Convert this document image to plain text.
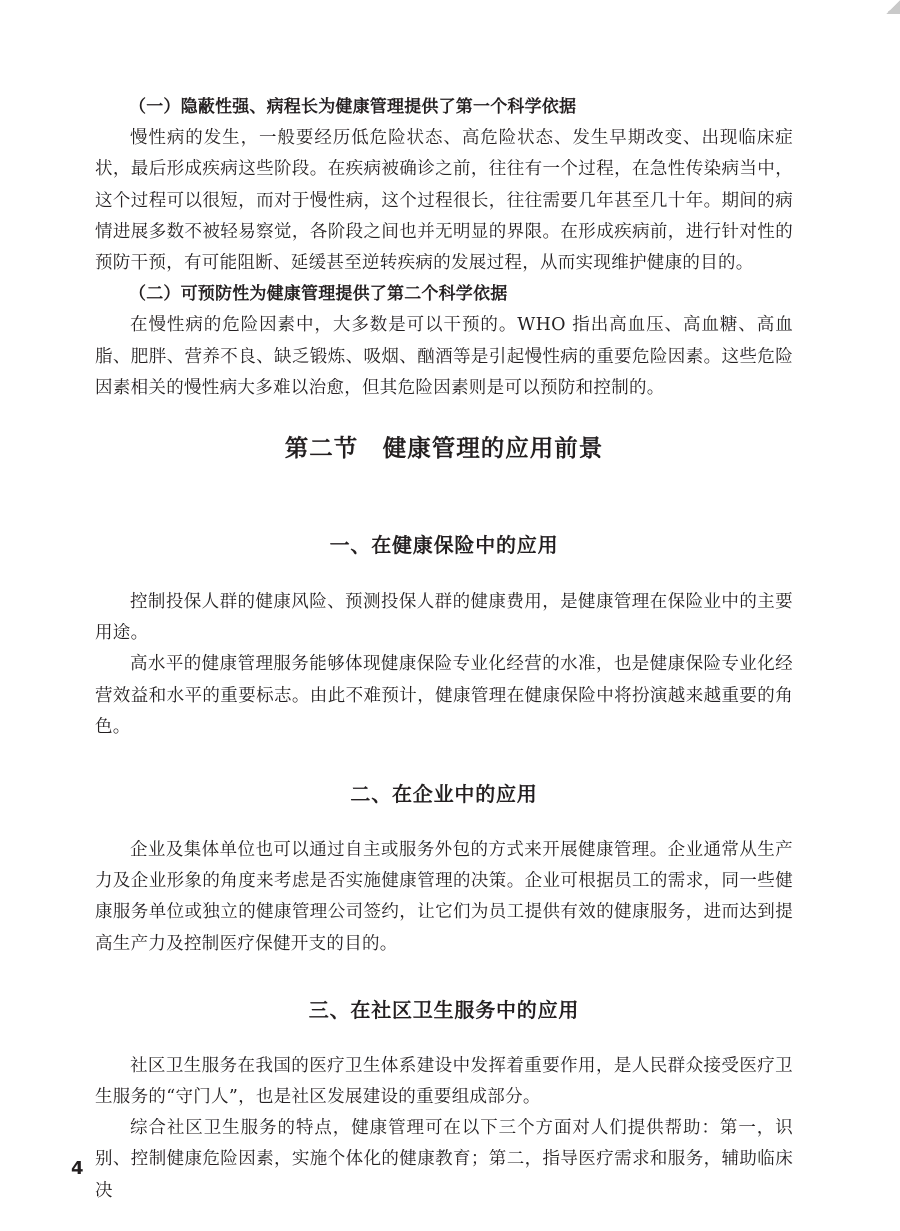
（一）隐蔽性强、病程长为健康管理提供了第一个科学依据

慢性病的发生，一般要经历低危险状态、高危险状态、发生早期改变、出现临床症状，最后形成疾病这些阶段。在疾病被确诊之前，往往有一个过程，在急性传染病当中，这个过程可以很短，而对于慢性病，这个过程很长，往往需要几年甚至几十年。期间的病情进展多数不被轻易察觉，各阶段之间也并无明显的界限。在形成疾病前，进行针对性的预防干预，有可能阻断、延缓甚至逆转疾病的发展过程，从而实现维护健康的目的。

（二）可预防性为健康管理提供了第二个科学依据

在慢性病的危险因素中，大多数是可以干预的。WHO 指出高血压、高血糖、高血脂、肥胖、营养不良、缺乏锻炼、吸烟、酗酒等是引起慢性病的重要危险因素。这些危险因素相关的慢性病大多难以治愈，但其危险因素则是可以预防和控制的。

第二节　健康管理的应用前景
一、在健康保险中的应用

控制投保人群的健康风险、预测投保人群的健康费用，是健康管理在保险业中的主要用途。

高水平的健康管理服务能够体现健康保险专业化经营的水准，也是健康保险专业化经营效益和水平的重要标志。由此不难预计，健康管理在健康保险中将扮演越来越重要的角色。

二、在企业中的应用

企业及集体单位也可以通过自主或服务外包的方式来开展健康管理。企业通常从生产力及企业形象的角度来考虑是否实施健康管理的决策。企业可根据员工的需求，同一些健康服务单位或独立的健康管理公司签约，让它们为员工提供有效的健康服务，进而达到提高生产力及控制医疗保健开支的目的。

三、在社区卫生服务中的应用

社区卫生服务在我国的医疗卫生体系建设中发挥着重要作用，是人民群众接受医疗卫生服务的“守门人”，也是社区发展建设的重要组成部分。

综合社区卫生服务的特点，健康管理可在以下三个方面对人们提供帮助：第一，识别、控制健康危险因素，实施个体化的健康教育；第二，指导医疗需求和服务，辅助临床决

4
